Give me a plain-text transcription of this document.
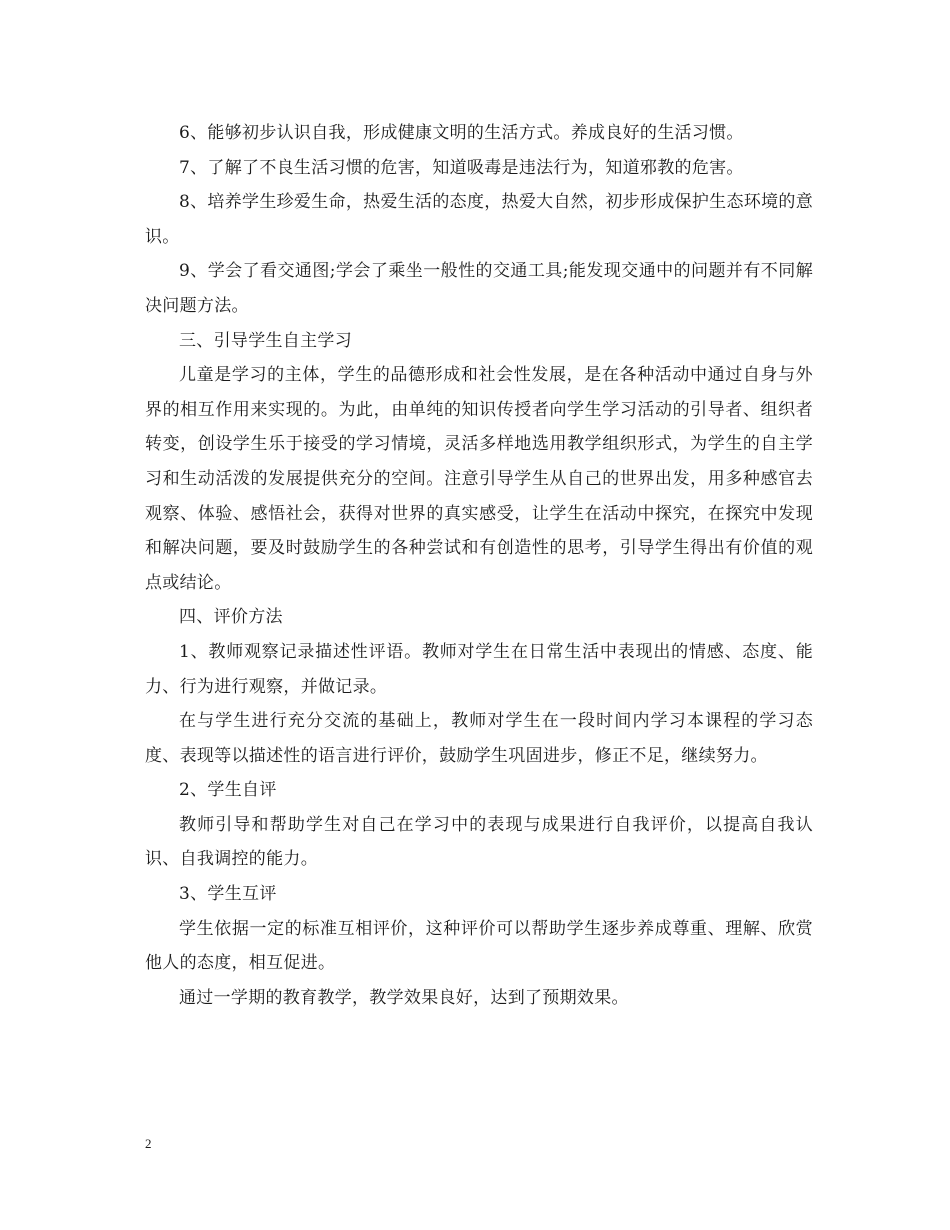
6、能够初步认识自我，形成健康文明的生活方式。养成良好的生活习惯。

7、了解了不良生活习惯的危害，知道吸毒是违法行为，知道邪教的危害。

8、培养学生珍爱生命，热爱生活的态度，热爱大自然，初步形成保护生态环境的意识。

9、学会了看交通图;学会了乘坐一般性的交通工具;能发现交通中的问题并有不同解决问题方法。

三、引导学生自主学习

儿童是学习的主体，学生的品德形成和社会性发展，是在各种活动中通过自身与外界的相互作用来实现的。为此，由单纯的知识传授者向学生学习活动的引导者、组织者转变，创设学生乐于接受的学习情境，灵活多样地选用教学组织形式，为学生的自主学习和生动活泼的发展提供充分的空间。注意引导学生从自己的世界出发，用多种感官去观察、体验、感悟社会，获得对世界的真实感受，让学生在活动中探究，在探究中发现和解决问题，要及时鼓励学生的各种尝试和有创造性的思考，引导学生得出有价值的观点或结论。

四、评价方法

1、教师观察记录描述性评语。教师对学生在日常生活中表现出的情感、态度、能力、行为进行观察，并做记录。

在与学生进行充分交流的基础上，教师对学生在一段时间内学习本课程的学习态度、表现等以描述性的语言进行评价，鼓励学生巩固进步，修正不足，继续努力。

2、学生自评

教师引导和帮助学生对自己在学习中的表现与成果进行自我评价，以提高自我认识、自我调控的能力。

3、学生互评

学生依据一定的标准互相评价，这种评价可以帮助学生逐步养成尊重、理解、欣赏他人的态度，相互促进。

通过一学期的教育教学，教学效果良好，达到了预期效果。

2
